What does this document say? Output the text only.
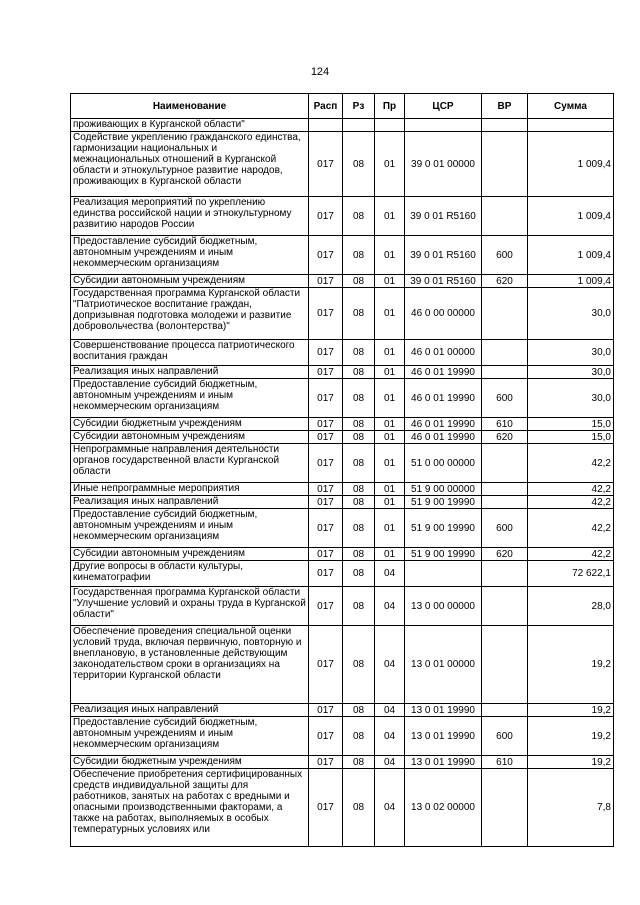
124
Наименование	Расп	Рз	Пр	ЦСР	ВР	Сумма
проживающих в Курганской области"						
Содействие укреплению гражданского единства, гармонизации национальных и межнациональных отношений в Курганской области и этнокультурное развитие народов, проживающих в Курганской области	017	08	01	39 0 01 00000		1 009,4
Реализация мероприятий по укреплению единства российской нации и этнокультурному развитию народов России	017	08	01	39 0 01 R5160		1 009,4
Предоставление субсидий бюджетным, автономным учреждениям и иным некоммерческим организациям	017	08	01	39 0 01 R5160	600	1 009,4
Субсидии автономным учреждениям	017	08	01	39 0 01 R5160	620	1 009,4
Государственная программа Курганской области "Патриотическое воспитание граждан, допризывная подготовка молодежи и развитие добровольчества (волонтерства)"	017	08	01	46 0 00 00000		30,0
Совершенствование процесса патриотического воспитания граждан	017	08	01	46 0 01 00000		30,0
Реализация иных направлений	017	08	01	46 0 01 19990		30,0
Предоставление субсидий бюджетным, автономным учреждениям и иным некоммерческим организациям	017	08	01	46 0 01 19990	600	30,0
Субсидии бюджетным учреждениям	017	08	01	46 0 01 19990	610	15,0
Субсидии автономным учреждениям	017	08	01	46 0 01 19990	620	15,0
Непрограммные направления деятельности органов государственной власти Курганской области	017	08	01	51 0 00 00000		42,2
Иные непрограммные мероприятия	017	08	01	51 9 00 00000		42,2
Реализация иных направлений	017	08	01	51 9 00 19990		42,2
Предоставление субсидий бюджетным, автономным учреждениям и иным некоммерческим организациям	017	08	01	51 9 00 19990	600	42,2
Субсидии автономным учреждениям	017	08	01	51 9 00 19990	620	42,2
Другие вопросы в области культуры, кинематографии	017	08	04			72 622,1
Государственная программа Курганской области "Улучшение условий и охраны труда в Курганской области"	017	08	04	13 0 00 00000		28,0
Обеспечение проведения специальной оценки условий труда, включая первичную, повторную и внеплановую, в установленные действующим законодательством сроки в организациях на территории Курганской области	017	08	04	13 0 01 00000		19,2
Реализация иных направлений	017	08	04	13 0 01 19990		19,2
Предоставление субсидий бюджетным, автономным учреждениям и иным некоммерческим организациям	017	08	04	13 0 01 19990	600	19,2
Субсидии бюджетным учреждениям	017	08	04	13 0 01 19990	610	19,2
Обеспечение приобретения сертифицированных средств индивидуальной защиты для работников, занятых на работах с вредными и опасными производственными факторами, а также на работах, выполняемых в особых температурных условиях или	017	08	04	13 0 02 00000		7,8
